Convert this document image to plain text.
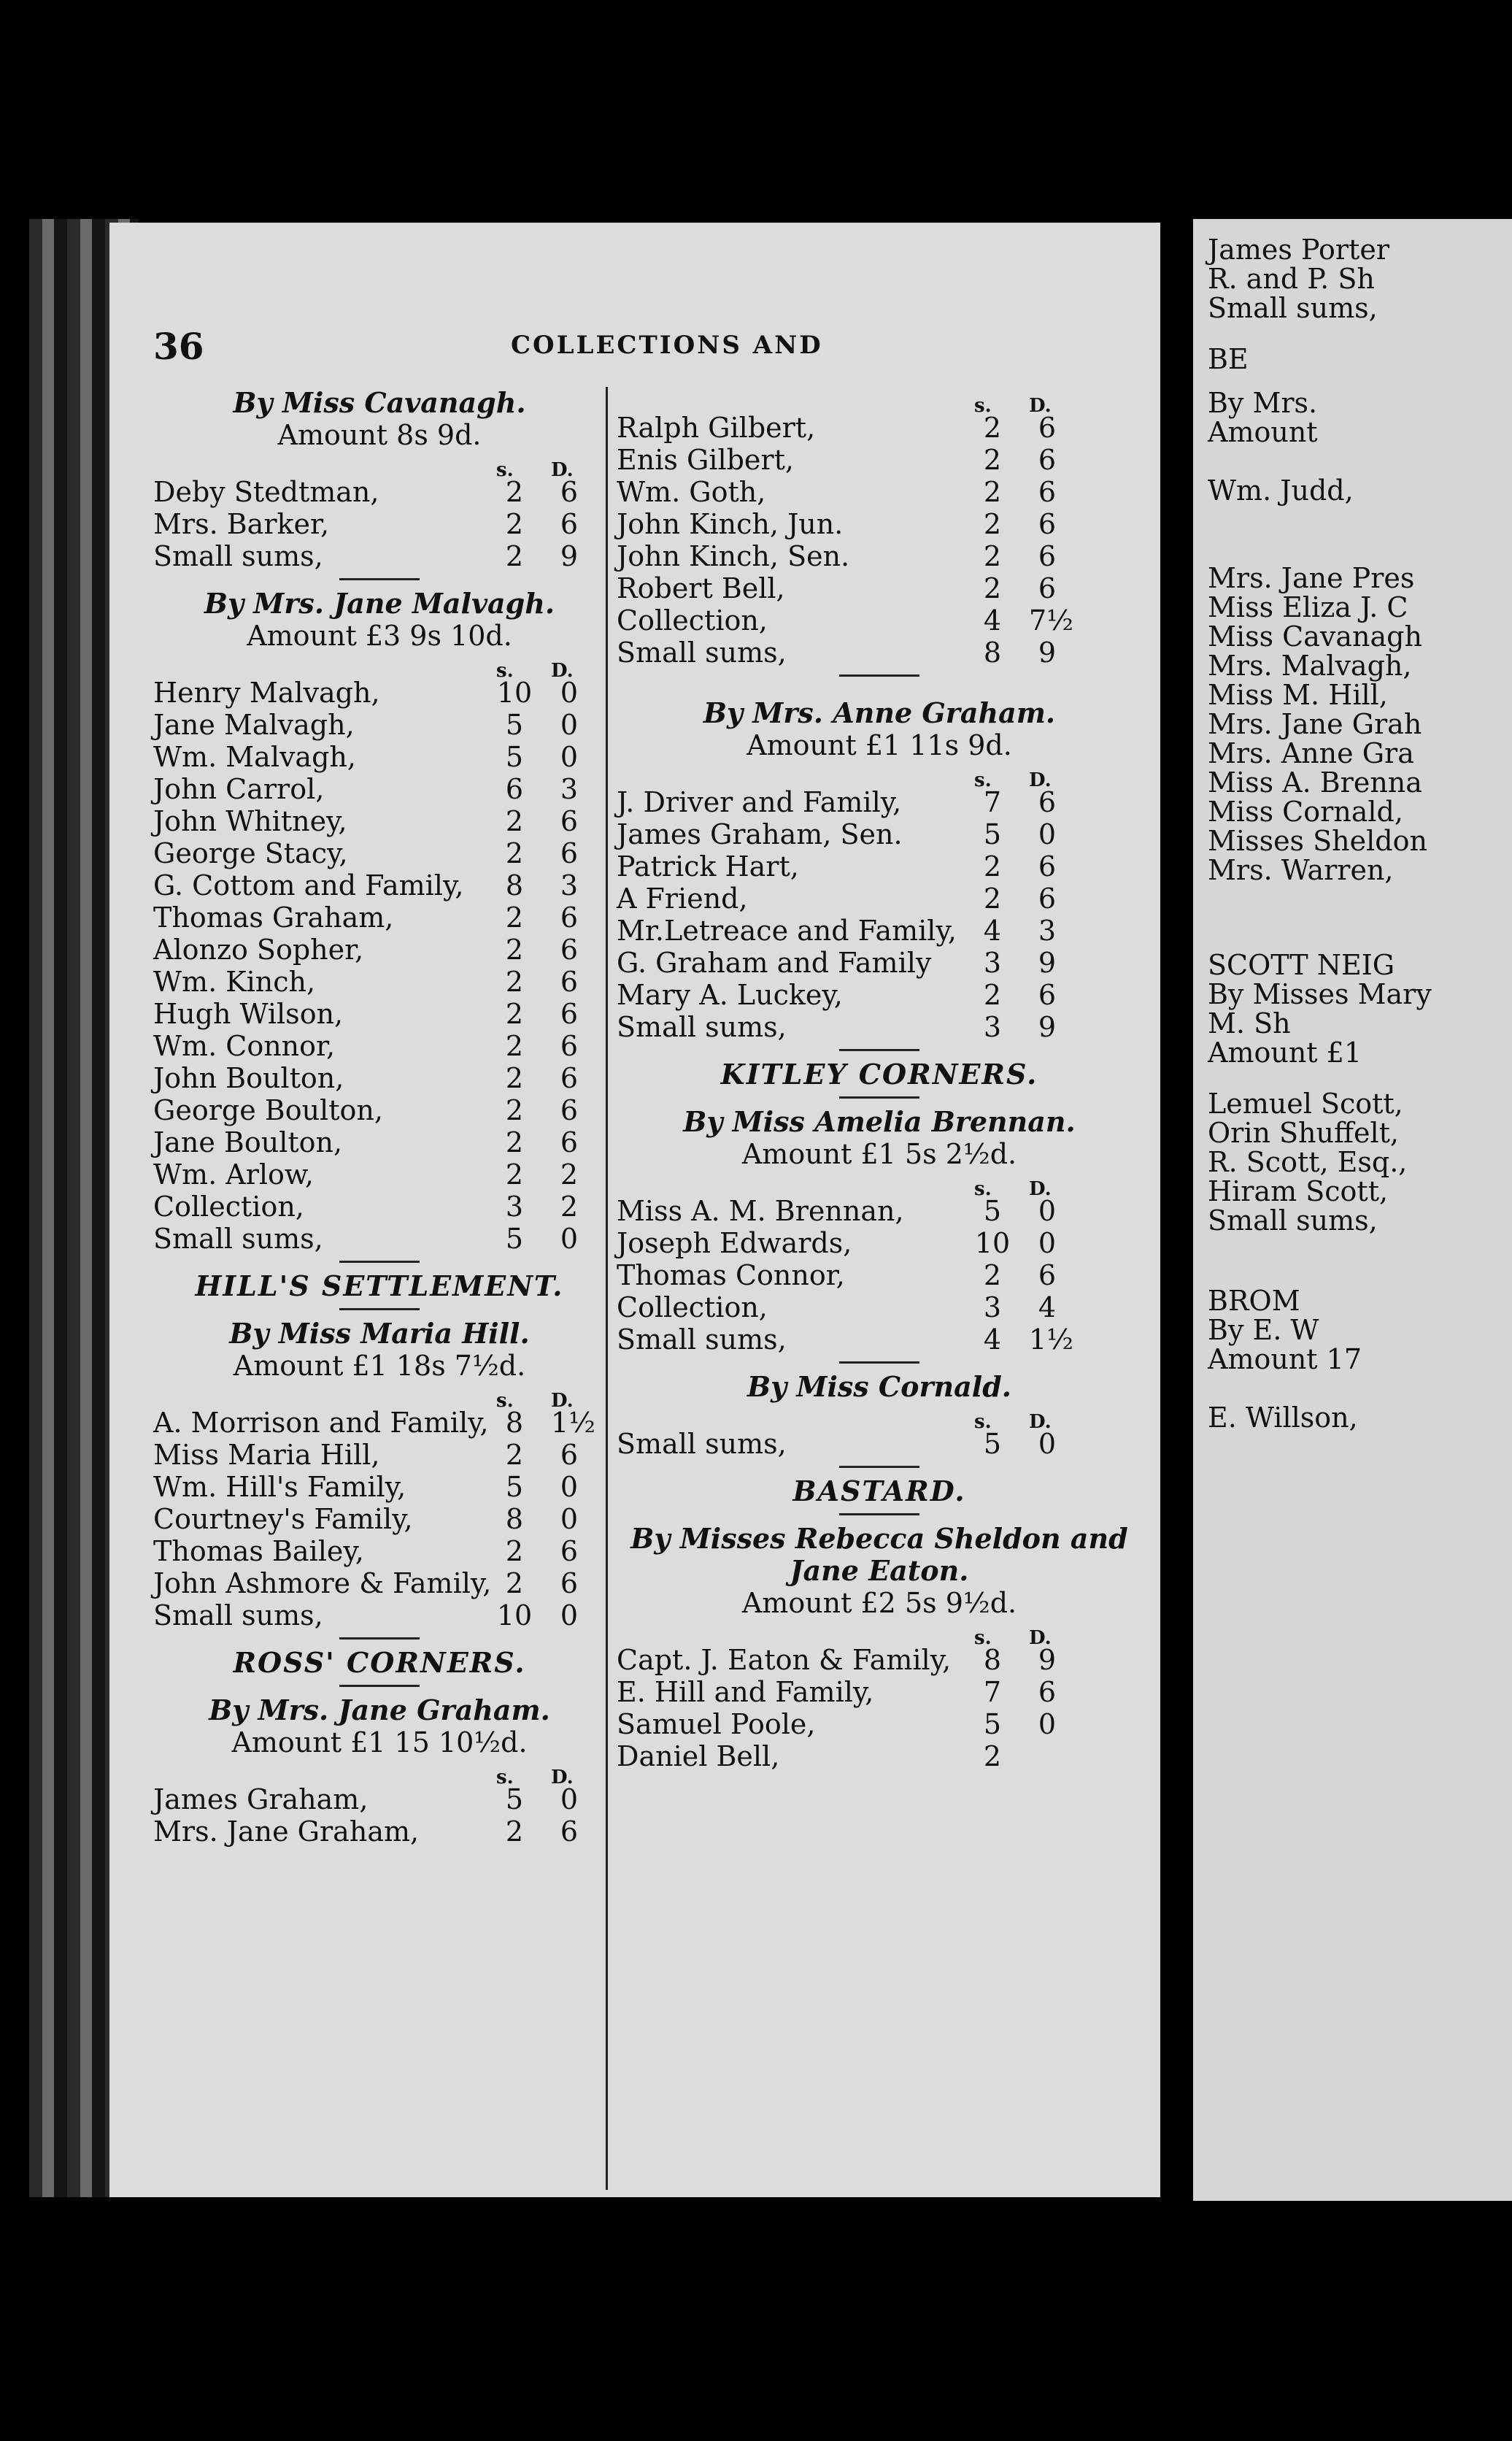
36	COLLECTIONS AND
By Miss Cavanagh.
Amount 8s 9d.
s. D.
Deby Stedtman,	2	6
Mrs. Barker,	2	6
Small sums,	2	9
By Mrs. Jane Malvagh.
Amount £3 9s 10d.
s. D.
Henry Malvagh,	10	0
Jane Malvagh,	5	0
Wm. Malvagh,	5	0
John Carrol,	6	3
John Whitney,	2	6
George Stacy,	2	6
G. Cottom and Family,	8	3
Thomas Graham,	2	6
Alonzo Sopher,	2	6
Wm. Kinch,	2	6
Hugh Wilson,	2	6
Wm. Connor,	2	6
John Boulton,	2	6
George Boulton,	2	6
Jane Boulton,	2	6
Wm. Arlow,	2	2
Collection,	3	2
Small sums,	5	0
HILL'S SETTLEMENT.
By Miss Maria Hill.
Amount £1 18s 7½d.
s. D.
A. Morrison and Family, 8 1½
Miss Maria Hill,	2	6
Wm. Hill's Family,	5	0
Courtney's Family,	8	0
Thomas Bailey,	2	6
John Ashmore & Family, 2	6
Small sums,	10	0
ROSS' CORNERS.
By Mrs. Jane Graham.
Amount £1 15 10½d.
s. D.
James Graham,	5	0
Mrs. Jane Graham,	2	6
s. D.
Ralph Gilbert,	2	6
Enis Gilbert,	2	6
Wm. Goth,	2	6
John Kinch, Jun.	2	6
John Kinch, Sen.	2	6
Robert Bell,	2	6
Collection,	4 7½
Small sums,	8	9
By Mrs. Anne Graham.
Amount £1 11s 9d.
s. D.
J. Driver and Family,	7	6
James Graham, Sen.	5	0
Patrick Hart,	2	6
A Friend,	2	6
Mr.Letreace and Family, 4	3
G. Graham and Family	3	9
Mary A. Luckey,	2	6
Small sums,	3	9
KITLEY CORNERS.
By Miss Amelia Brennan.
Amount £1 5s 2½d.
s. D.
Miss A. M. Brennan,	5	0
Joseph Edwards,	10	0
Thomas Connor,	2	6
Collection,	3	4
Small sums,	4 1½
By Miss Cornald.
s. D.
Small sums,	5	0
BASTARD.
By Misses Rebecca Sheldon and
Jane Eaton.
Amount £2 5s 9½d.
s. D.
Capt. J. Eaton & Family,	8	9
E. Hill and Family,	7	6
Samuel Poole,	5	0
Daniel Bell,	2
James Porter
R. and P. Sh
Small sums,
BE
By Mrs.
Amount
Wm. Judd,
Mrs. Jane Pres
Miss Eliza J. C
Miss Cavanagh
Mrs. Malvagh,
Miss M. Hill,
Mrs. Jane Grah
Mrs. Anne Gra
Miss A. Brenna
Miss Cornald,
Misses Sheldon
Mrs. Warren,
SCOTT NEIG
By Misses Mary
M. Sh
Amount £1
Lemuel Scott,
Orin Shuffelt,
R. Scott, Esq.,
Hiram Scott,
Small sums,
BROM
By E. W
Amount 17
E. Willson,
